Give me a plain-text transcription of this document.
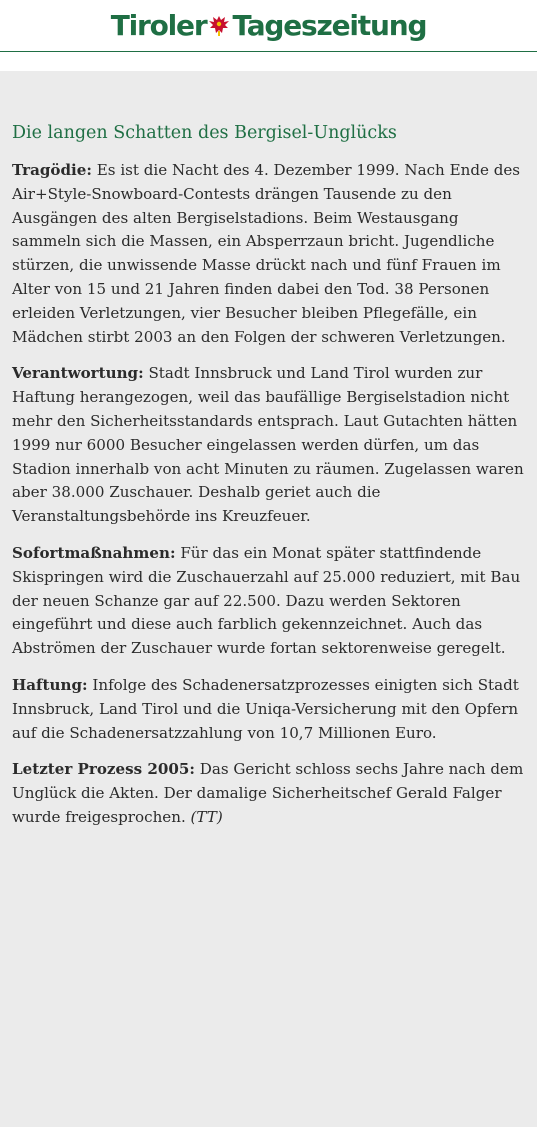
Tiroler Tageszeitung
Die langen Schatten des Bergisel-Unglücks

Tragödie: Es ist die Nacht des 4. Dezember 1999. Nach Ende des Air+Style-Snowboard-Contests drängen Tausende zu den Ausgängen des alten Bergiselstadions. Beim Westausgang sammeln sich die Massen, ein Absperrzaun bricht. Jugendliche stürzen, die unwissende Masse drückt nach und fünf Frauen im Alter von 15 und 21 Jahren finden dabei den Tod. 38 Personen erleiden Verletzungen, vier Besucher bleiben Pflegefälle, ein Mädchen stirbt 2003 an den Folgen der schweren Verletzungen.

Verantwortung: Stadt Innsbruck und Land Tirol wurden zur Haftung herangezogen, weil das baufällige Bergiselstadion nicht mehr den Sicherheitsstandards entsprach. Laut Gutachten hätten 1999 nur 6000 Besucher eingelassen werden dürfen, um das Stadion innerhalb von acht Minuten zu räumen. Zugelassen waren aber 38.000 Zuschauer. Deshalb geriet auch die Veranstaltungsbehörde ins Kreuzfeuer.

Sofortmaßnahmen: Für das ein Monat später stattfindende Skispringen wird die Zuschauerzahl auf 25.000 reduziert, mit Bau der neuen Schanze gar auf 22.500. Dazu werden Sektoren eingeführt und diese auch farblich gekennzeichnet. Auch das Abströmen der Zuschauer wurde fortan sektorenweise geregelt.

Haftung: Infolge des Schadenersatzprozesses einigten sich Stadt Innsbruck, Land Tirol und die Uniqa-Versicherung mit den Opfern auf die Schadenersatzzahlung von 10,7 Millionen Euro.

Letzter Prozess 2005: Das Gericht schloss sechs Jahre nach dem Unglück die Akten. Der damalige Sicherheitschef Gerald Falger wurde freigesprochen. (TT)
